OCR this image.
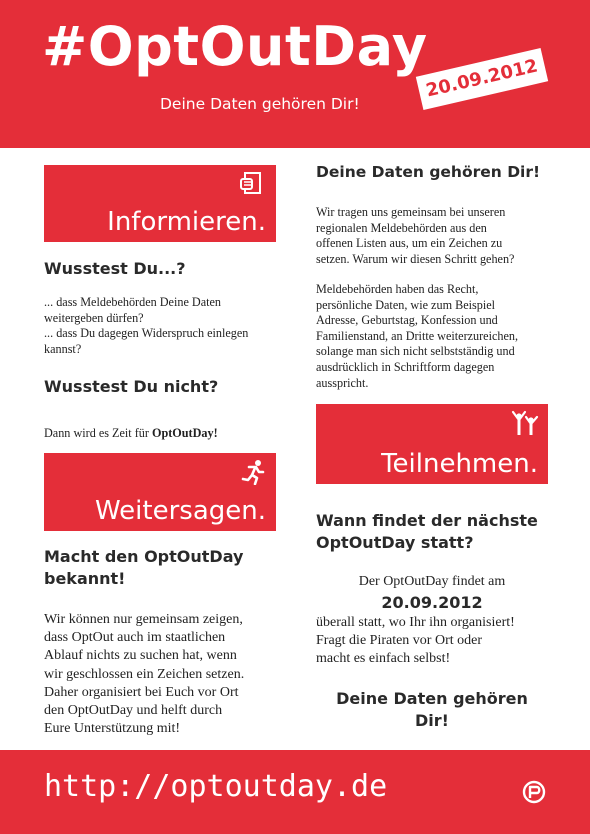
#OptOutDay
Deine Daten gehören Dir!
20.09.2012
Informieren.
Wusstest Du...?
... dass Meldebehörden Deine Daten
weitergeben dürfen?
... dass Du dagegen Widerspruch einlegen
kannst?
Wusstest Du nicht?
Dann wird es Zeit für OptOutDay!
Weitersagen.
Macht den OptOutDay
bekannt!
Wir können nur gemeinsam zeigen,
dass OptOut auch im staatlichen
Ablauf nichts zu suchen hat, wenn
wir geschlossen ein Zeichen setzen.
Daher organisiert bei Euch vor Ort
den OptOutDay und helft durch
Eure Unterstützung mit!
Deine Daten gehören Dir!
Wir tragen uns gemeinsam bei unseren
regionalen Meldebehörden aus den
offenen Listen aus, um ein Zeichen zu
setzen. Warum wir diesen Schritt gehen?
Meldebehörden haben das Recht,
persönliche Daten, wie zum Beispiel
Adresse, Geburtstag, Konfession und
Familienstand, an Dritte weiterzureichen,
solange man sich nicht selbstständig und
ausdrücklich in Schriftform dagegen
ausspricht.
Teilnehmen.
Wann findet der nächste
OptOutDay statt?
Der OptOutDay findet am
20.09.2012
überall statt, wo Ihr ihn organisiert!
Fragt die Piraten vor Ort oder
macht es einfach selbst!
Deine Daten gehören
Dir!
http://optoutday.de
